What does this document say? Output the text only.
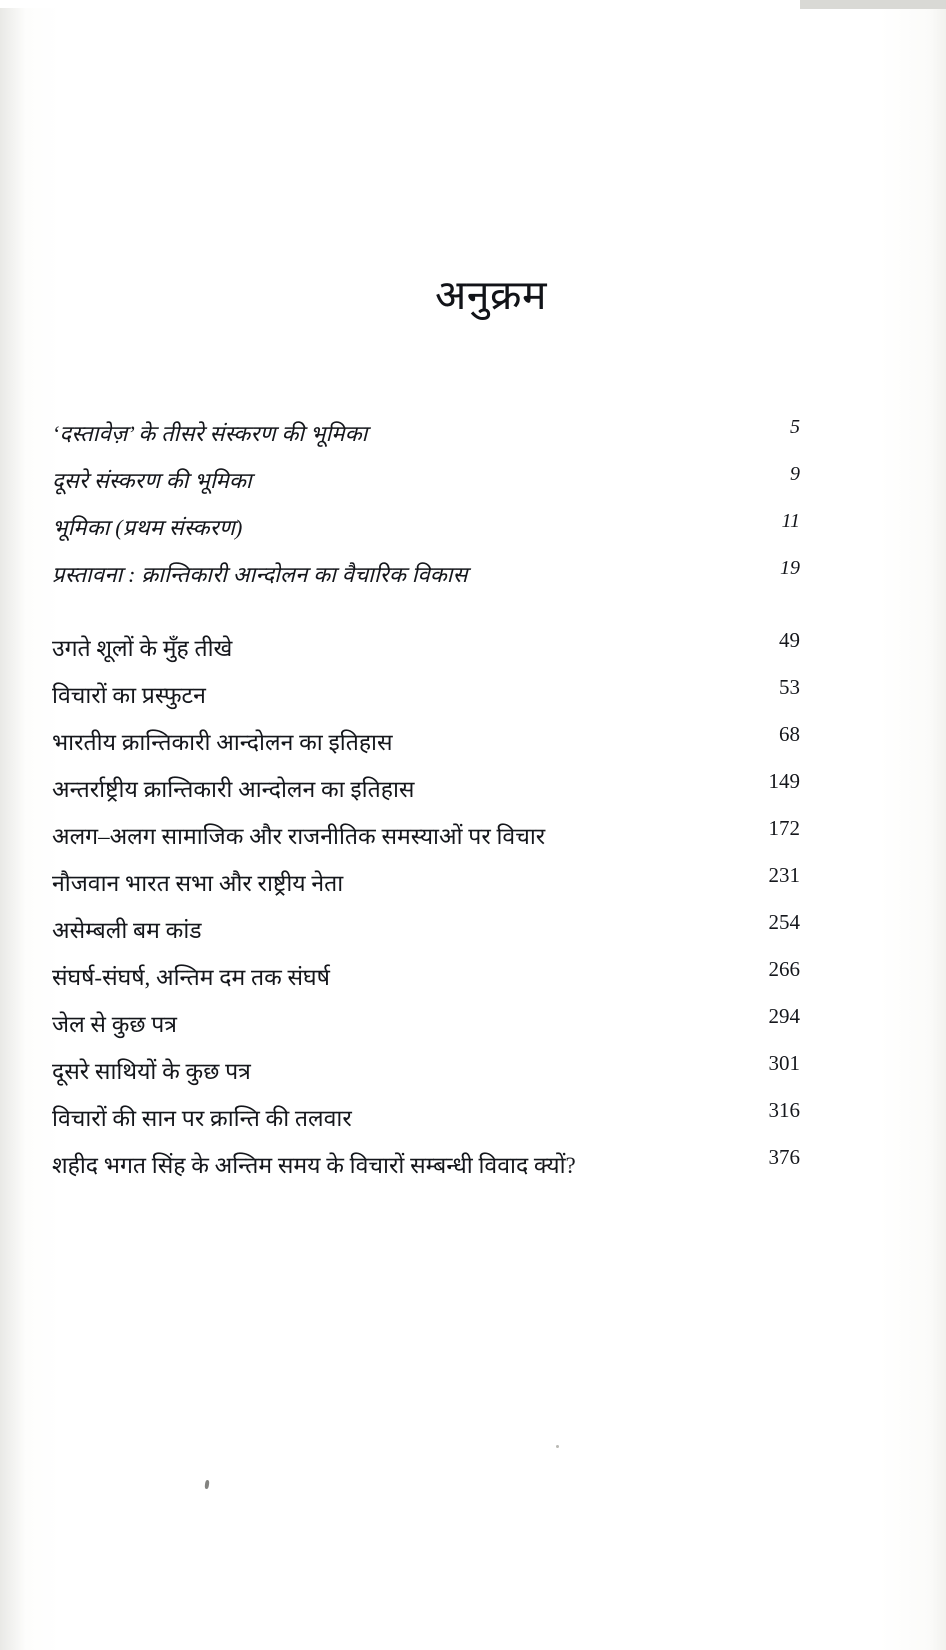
अनुक्रम
‘दस्तावेज़’ के तीसरे संस्करण की भूमिका	5
दूसरे संस्करण की भूमिका	9
भूमिका (प्रथम संस्करण)	11
प्रस्तावना : क्रान्तिकारी आन्दोलन का वैचारिक विकास	19
उगते शूलों के मुँह तीखे	49
विचारों का प्रस्फुटन	53
भारतीय क्रान्तिकारी आन्दोलन का इतिहास	68
अन्तर्राष्ट्रीय क्रान्तिकारी आन्दोलन का इतिहास	149
अलग–अलग सामाजिक और राजनीतिक समस्याओं पर विचार	172
नौजवान भारत सभा और राष्ट्रीय नेता	231
असेम्बली बम कांड	254
संघर्ष-संघर्ष, अन्तिम दम तक संघर्ष	266
जेल से कुछ पत्र	294
दूसरे साथियों के कुछ पत्र	301
विचारों की सान पर क्रान्ति की तलवार	316
शहीद भगत सिंह के अन्तिम समय के विचारों सम्बन्धी विवाद क्यों?	376
